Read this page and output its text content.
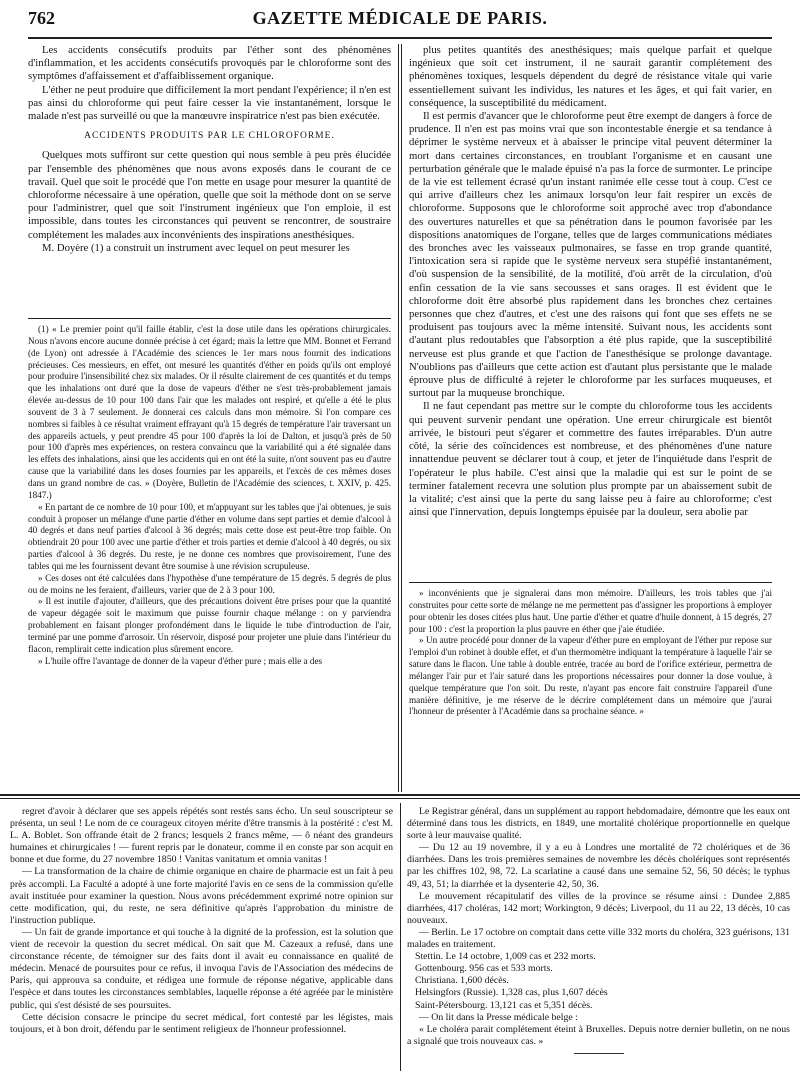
762	GAZETTE MÉDICALE DE PARIS.

Les accidents consécutifs produits par l'éther sont des phénomènes d'inflammation, et les accidents consécutifs provoqués par le chloroforme sont des symptômes d'affaissement et d'affaiblissement organique.

L'éther ne peut produire que difficilement la mort pendant l'expérience; il n'en est pas ainsi du chloroforme qui peut faire cesser la vie instantanément, lorsque le malade n'est pas surveillé ou que la manœuvre inspiratrice n'est pas bien exécutée.

ACCIDENTS PRODUITS PAR LE CHLOROFORME.

Quelques mots suffiront sur cette question qui nous semble à peu près élucidée par l'ensemble des phénomènes que nous avons exposés dans le courant de ce travail. Quel que soit le procédé que l'on mette en usage pour mesurer la quantité de chloroforme nécessaire à une opération, quelle que soit la méthode dont on se serve pour l'administrer, quel que soit l'instrument ingénieux que l'on emploie, il est impossible, dans toutes les circonstances qui peuvent se rencontrer, de soustraire complétement les malades aux inconvénients des inspirations anesthésiques.

M. Doyère (1) a construit un instrument avec lequel on peut mesurer les

(1) « Le premier point qu'il faille établir, c'est la dose utile dans les opérations chirurgicales. Nous n'avons encore aucune donnée précise à cet égard; mais la lettre que MM. Bonnet et Ferrand (de Lyon) ont adressée à l'Académie des sciences le 1er mars nous fournit des indications précieuses. Ces messieurs, en effet, ont mesuré les quantités d'éther en poids qu'ils ont employé pour produire l'insensibilité chez six malades. Or il résulte clairement de ces quantités et du temps que les inhalations ont duré que la dose de vapeurs d'éther ne s'est très-probablement jamais élevée au-dessus de 10 pour 100 dans l'air que les malades ont respiré, et qu'elle a été le plus souvent de 3 à 7 seulement. Je donnerai ces calculs dans mon mémoire. Si l'on compare ces nombres si faibles à ce résultat vraiment effrayant qu'à 15 degrés de température l'air traversant un des appareils actuels, y peut prendre 45 pour 100 d'après la loi de Dalton, et jusqu'à près de 50 pour 100 d'après mes expériences, on restera convaincu que la variabilité qui a été signalée dans les effets des inhalations, ainsi que les accidents qui en ont été la suite, n'ont souvent pas eu d'autre cause que la variabilité dans les doses fournies par les appareils, et l'excès de ces mêmes doses dans un grand nombre de cas. » (Doyère, Bulletin de l'Académie des sciences, t. XXIV, p. 425. 1847.)

« En partant de ce nombre de 10 pour 100, et m'appuyant sur les tables que j'ai obtenues, je suis conduit à proposer un mélange d'une partie d'éther en volume dans sept parties et demie d'alcool à 40 degrés et dans neuf parties d'alcool à 36 degrés; mais cette dose est peut-être trop faible. On obtiendrait 20 pour 100 avec une partie d'éther et trois parties et demie d'alcool à 40 degrés, ou six parties d'alcool à 36 degrés. Du reste, je ne donne ces nombres que provisoirement, l'une des tables qui me les fournissent devant être soumise à une révision scrupuleuse.

» Ces doses ont été calculées dans l'hypothèse d'une température de 15 degrés. 5 degrés de plus ou de moins ne les feraient, d'ailleurs, varier que de 2 à 3 pour 100.

» Il est inutile d'ajouter, d'ailleurs, que des précautions doivent être prises pour que la quantité de vapeur dégagée soit le maximum que puisse fournir chaque mélange : on y parviendra probablement en faisant plonger profondément dans le liquide le tube d'introduction de l'air, terminé par une pomme d'arrosoir. Un réservoir, disposé pour projeter une pluie dans l'intérieur du flacon, remplirait cette indication plus sûrement encore.

» L'huile offre l'avantage de donner de la vapeur d'éther pure ; mais elle a des

plus petites quantités des anesthésiques; mais quelque parfait et quelque ingénieux que soit cet instrument, il ne saurait garantir complétement des phénomènes toxiques, lesquels dépendent du degré de résistance vitale qui varie essentiellement suivant les individus, les natures et les âges, et qui fait varier, en conséquence, la susceptibilité du médicament.

Il est permis d'avancer que le chloroforme peut être exempt de dangers à force de prudence. Il n'en est pas moins vrai que son incontestable énergie et sa tendance à déprimer le système nerveux et à abaisser le principe vital peuvent déterminer la mort dans certaines circonstances, en troublant l'organisme et en causant une perturbation générale que le malade épuisé n'a pas la force de surmonter. Le principe de la vie est tellement écrasé qu'un instant ranimée elle cesse tout à coup. C'est ce qui arrive d'ailleurs chez les animaux lorsqu'on leur fait respirer un excès de chloroforme. Supposons que le chloroforme soit approché avec trop d'abondance des ouvertures naturelles et que sa pénétration dans le poumon favorisée par les dispositions anatomiques de l'organe, telles que de larges communications médiates des bronches avec les vaisseaux pulmonaires, se fasse en trop grande quantité, l'intoxication sera si rapide que le système nerveux sera stupéfié instantanément, d'où suspension de la sensibilité, de la motilité, d'où arrêt de la circulation, d'où enfin cessation de la vie sans secousses et sans orages. Il est évident que le chloroforme doit être absorbé plus rapidement dans les bronches chez certaines personnes que chez d'autres, et c'est une des raisons qui font que ses effets ne se produisent pas toujours avec la même intensité. Suivant nous, les accidents sont d'autant plus redoutables que l'absorption a été plus rapide, que la susceptibilité nerveuse est plus grande et que l'action de l'anesthésique se prolonge davantage. N'oublions pas d'ailleurs que cette action est d'autant plus persistante que le malade éprouve plus de difficulté à rejeter le chloroforme par les surfaces muqueuses, et surtout par la muqueuse bronchique.

Il ne faut cependant pas mettre sur le compte du chloroforme tous les accidents qui peuvent survenir pendant une opération. Une erreur chirurgicale est bientôt arrivée, le bistouri peut s'égarer et commettre des fautes irréparables. D'un autre côté, la série des coïncidences est nombreuse, et des phénomènes d'une nature innattendue peuvent se déclarer tout à coup, et jeter de l'inquiétude dans l'esprit de l'opérateur le plus habile. C'est ainsi que la maladie qui est sur le point de se terminer fatalement recevra une solution plus prompte par un abaissement subit de la vitalité; c'est ainsi que la perte du sang laisse peu à faire au chloroforme; c'est ainsi que l'innervation, depuis longtemps épuisée par la douleur, sera abolie par

» inconvénients que je signalerai dans mon mémoire. D'ailleurs, les trois tables que j'ai construites pour cette sorte de mélange ne me permettent pas d'assigner les proportions à employer pour obtenir les doses citées plus haut. Une partie d'éther et quatre d'huile donnent, à 15 degrés, 27 pour 100 : c'est la proportion la plus pauvre en éther que j'aie étudiée.

» Un autre procédé pour donner de la vapeur d'éther pure en employant de l'éther pur repose sur l'emploi d'un robinet à double effet, et d'un thermomètre indiquant la température à laquelle l'air se sature dans le flacon. Une table à double entrée, tracée au bord de l'orifice extérieur, permettra de mélanger l'air pur et l'air saturé dans les proportions nécessaires pour donner la dose voulue, à quelque température que l'on soit. Du reste, n'ayant pas encore fait construire l'appareil d'une manière définitive, je me réserve de le décrire complétement dans un mémoire que j'aurai l'honneur de présenter à l'Académie dans sa prochaine séance. »

regret d'avoir à déclarer que ses appels répétés sont restés sans écho. Un seul souscripteur se présenta, un seul ! Le nom de ce courageux citoyen mérite d'être transmis à la postérité : c'est M. L. A. Boblet. Son offrande était de 2 francs; lesquels 2 francs même, — ô néant des grandeurs humaines et chirurgicales ! — furent repris par le donateur, comme il en conste par son acquit en bonne et due forme, du 27 novembre 1850 ! Vanitas vanitatum et omnia vanitas !

— La transformation de la chaire de chimie organique en chaire de pharmacie est un fait à peu près accompli. La Faculté a adopté à une forte majorité l'avis en ce sens de la commission qu'elle avait instituée pour examiner la question. Nous avons précédemment exprimé notre opinion sur cette modification, qui, du reste, ne sera définitive qu'après l'approbation du ministre de l'instruction publique.

— Un fait de grande importance et qui touche à la dignité de la profession, est la solution que vient de recevoir la question du secret médical. On sait que M. Cazeaux a refusé, dans une circonstance récente, de témoigner sur des faits dont il avait eu connaissance en qualité de médecin. Menacé de poursuites pour ce refus, il invoqua l'avis de l'Association des médecins de Paris, qui approuva sa conduite, et rédigea une formule de réponse négative, applicable dans l'espèce et dans toutes les circonstances semblables, laquelle réponse a été agréée par le ministère public, qui s'est désisté de ses poursuites.

Cette décision consacre le principe du secret médical, fort contesté par les légistes, mais toujours, et à bon droit, défendu par le sentiment religieux de l'honneur professionnel.

Le Registrar général, dans un supplément au rapport hebdomadaire, démontre que les eaux ont déterminé dans tous les districts, en 1849, une mortalité cholérique proportionnelle en quelque sorte à leur mauvaise qualité.

— Du 12 au 19 novembre, il y a eu à Londres une mortalité de 72 cholériques et de 36 diarrhées. Dans les trois premières semaines de novembre les décès cholériques sont représentés par les chiffres 102, 98, 72. La scarlatine a causé dans une semaine 52, 56, 50 décès; le typhus 49, 43, 51; la diarrhée et la dysenterie 42, 50, 36.

Le mouvement récapitulatif des villes de la province se résume ainsi : Dundee 2,885 diarrhées, 417 choléras, 142 mort; Workington, 9 décès; Liverpool, du 11 au 22, 13 décès, 10 cas nouveaux.

— Berlin. Le 17 octobre on comptait dans cette ville 332 morts du choléra, 323 guérisons, 131 malades en traitement.

Stettin. Le 14 octobre, 1,009 cas et 232 morts.

Gottenbourg. 956 cas et 533 morts.

Christiana. 1,600 décès.

Helsingfors (Russie). 1,328 cas, plus 1,607 décès

Saint-Pétersbourg. 13,121 cas et 5,351 décès.

— On lit dans la Presse médicale belge :

« Le choléra parait complétement éteint à Bruxelles. Depuis notre dernier bulletin, on ne nous a signalé que trois nouveaux cas. »
